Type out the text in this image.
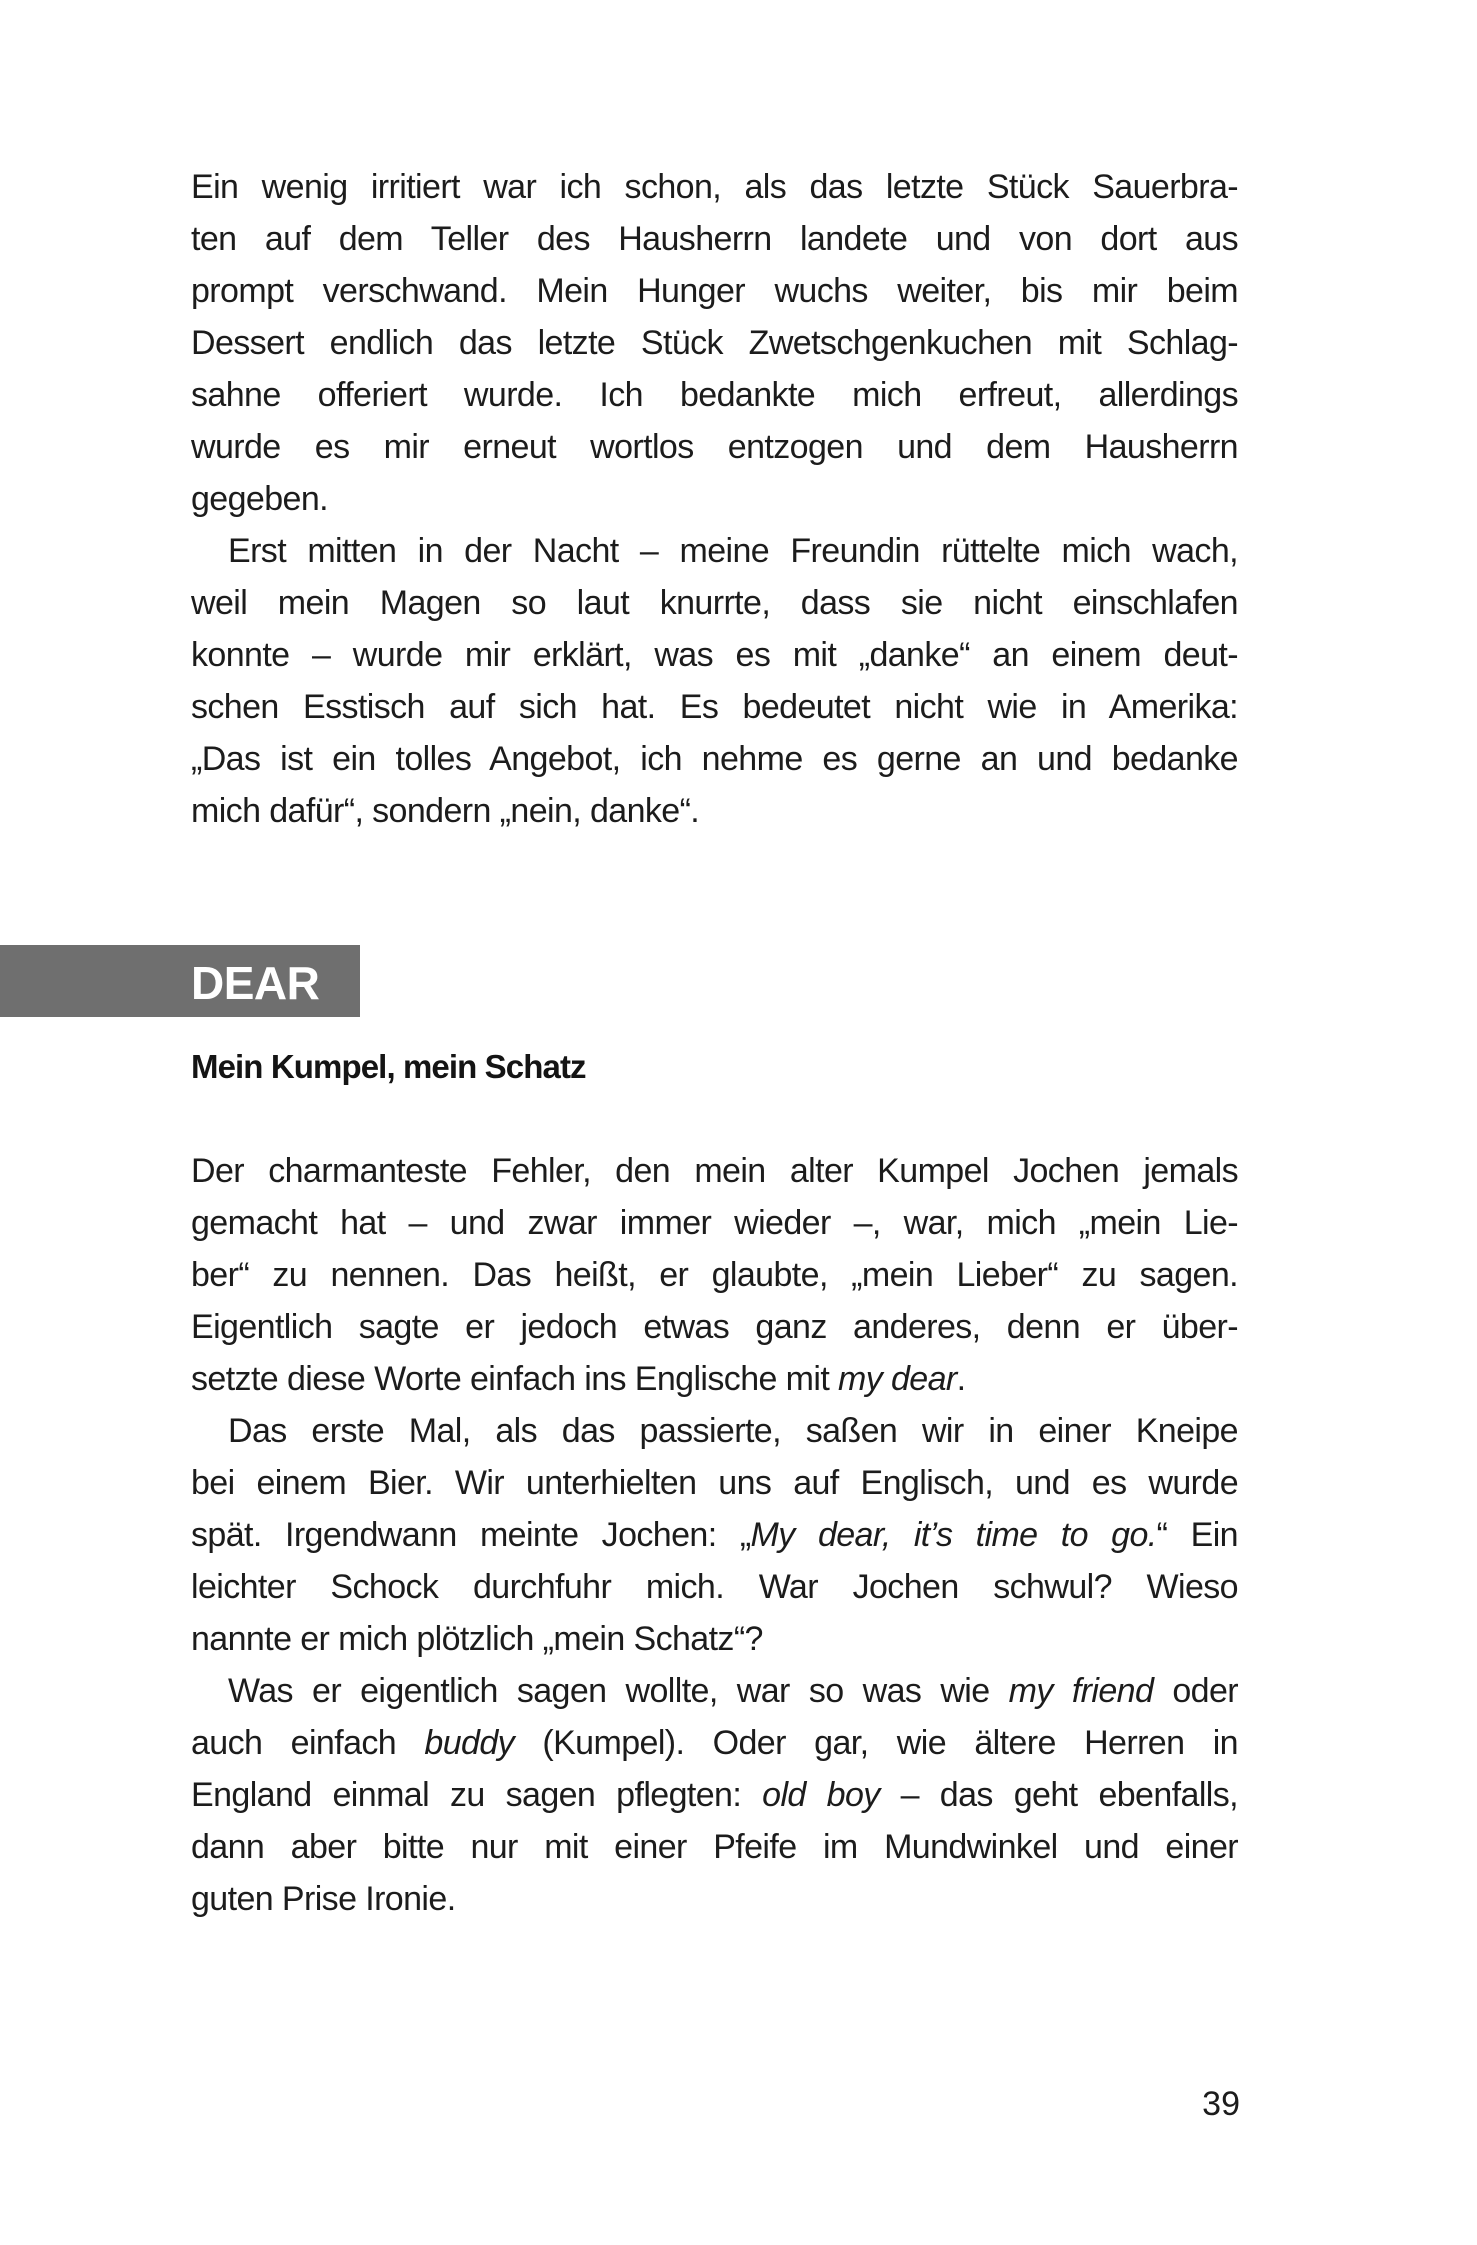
Ein wenig irritiert war ich schon, als das letzte Stück Sauerbra-
ten auf dem Teller des Hausherrn landete und von dort aus
prompt verschwand. Mein Hunger wuchs weiter, bis mir beim
Dessert endlich das letzte Stück Zwetschgenkuchen mit Schlag-
sahne offeriert wurde. Ich bedankte mich erfreut, allerdings
wurde es mir erneut wortlos entzogen und dem Hausherrn
gegeben.
Erst mitten in der Nacht – meine Freundin rüttelte mich wach,
weil mein Magen so laut knurrte, dass sie nicht einschlafen
konnte – wurde mir erklärt, was es mit „danke“ an einem deut-
schen Esstisch auf sich hat. Es bedeutet nicht wie in Amerika:
„Das ist ein tolles Angebot, ich nehme es gerne an und bedanke
mich dafür“, sondern „nein, danke“.
DEAR
Mein Kumpel, mein Schatz
Der charmanteste Fehler, den mein alter Kumpel Jochen jemals
gemacht hat – und zwar immer wieder –, war, mich „mein Lie-
ber“ zu nennen. Das heißt, er glaubte, „mein Lieber“ zu sagen.
Eigentlich sagte er jedoch etwas ganz anderes, denn er über-
setzte diese Worte einfach ins Englische mit my dear.
Das erste Mal, als das passierte, saßen wir in einer Kneipe
bei einem Bier. Wir unterhielten uns auf Englisch, und es wurde
spät. Irgendwann meinte Jochen: „My dear, it’s time to go.“ Ein
leichter Schock durchfuhr mich. War Jochen schwul? Wieso
nannte er mich plötzlich „mein Schatz“?
Was er eigentlich sagen wollte, war so was wie my friend oder
auch einfach buddy (Kumpel). Oder gar, wie ältere Herren in
England einmal zu sagen pflegten: old boy – das geht ebenfalls,
dann aber bitte nur mit einer Pfeife im Mundwinkel und einer
guten Prise Ironie.
39
